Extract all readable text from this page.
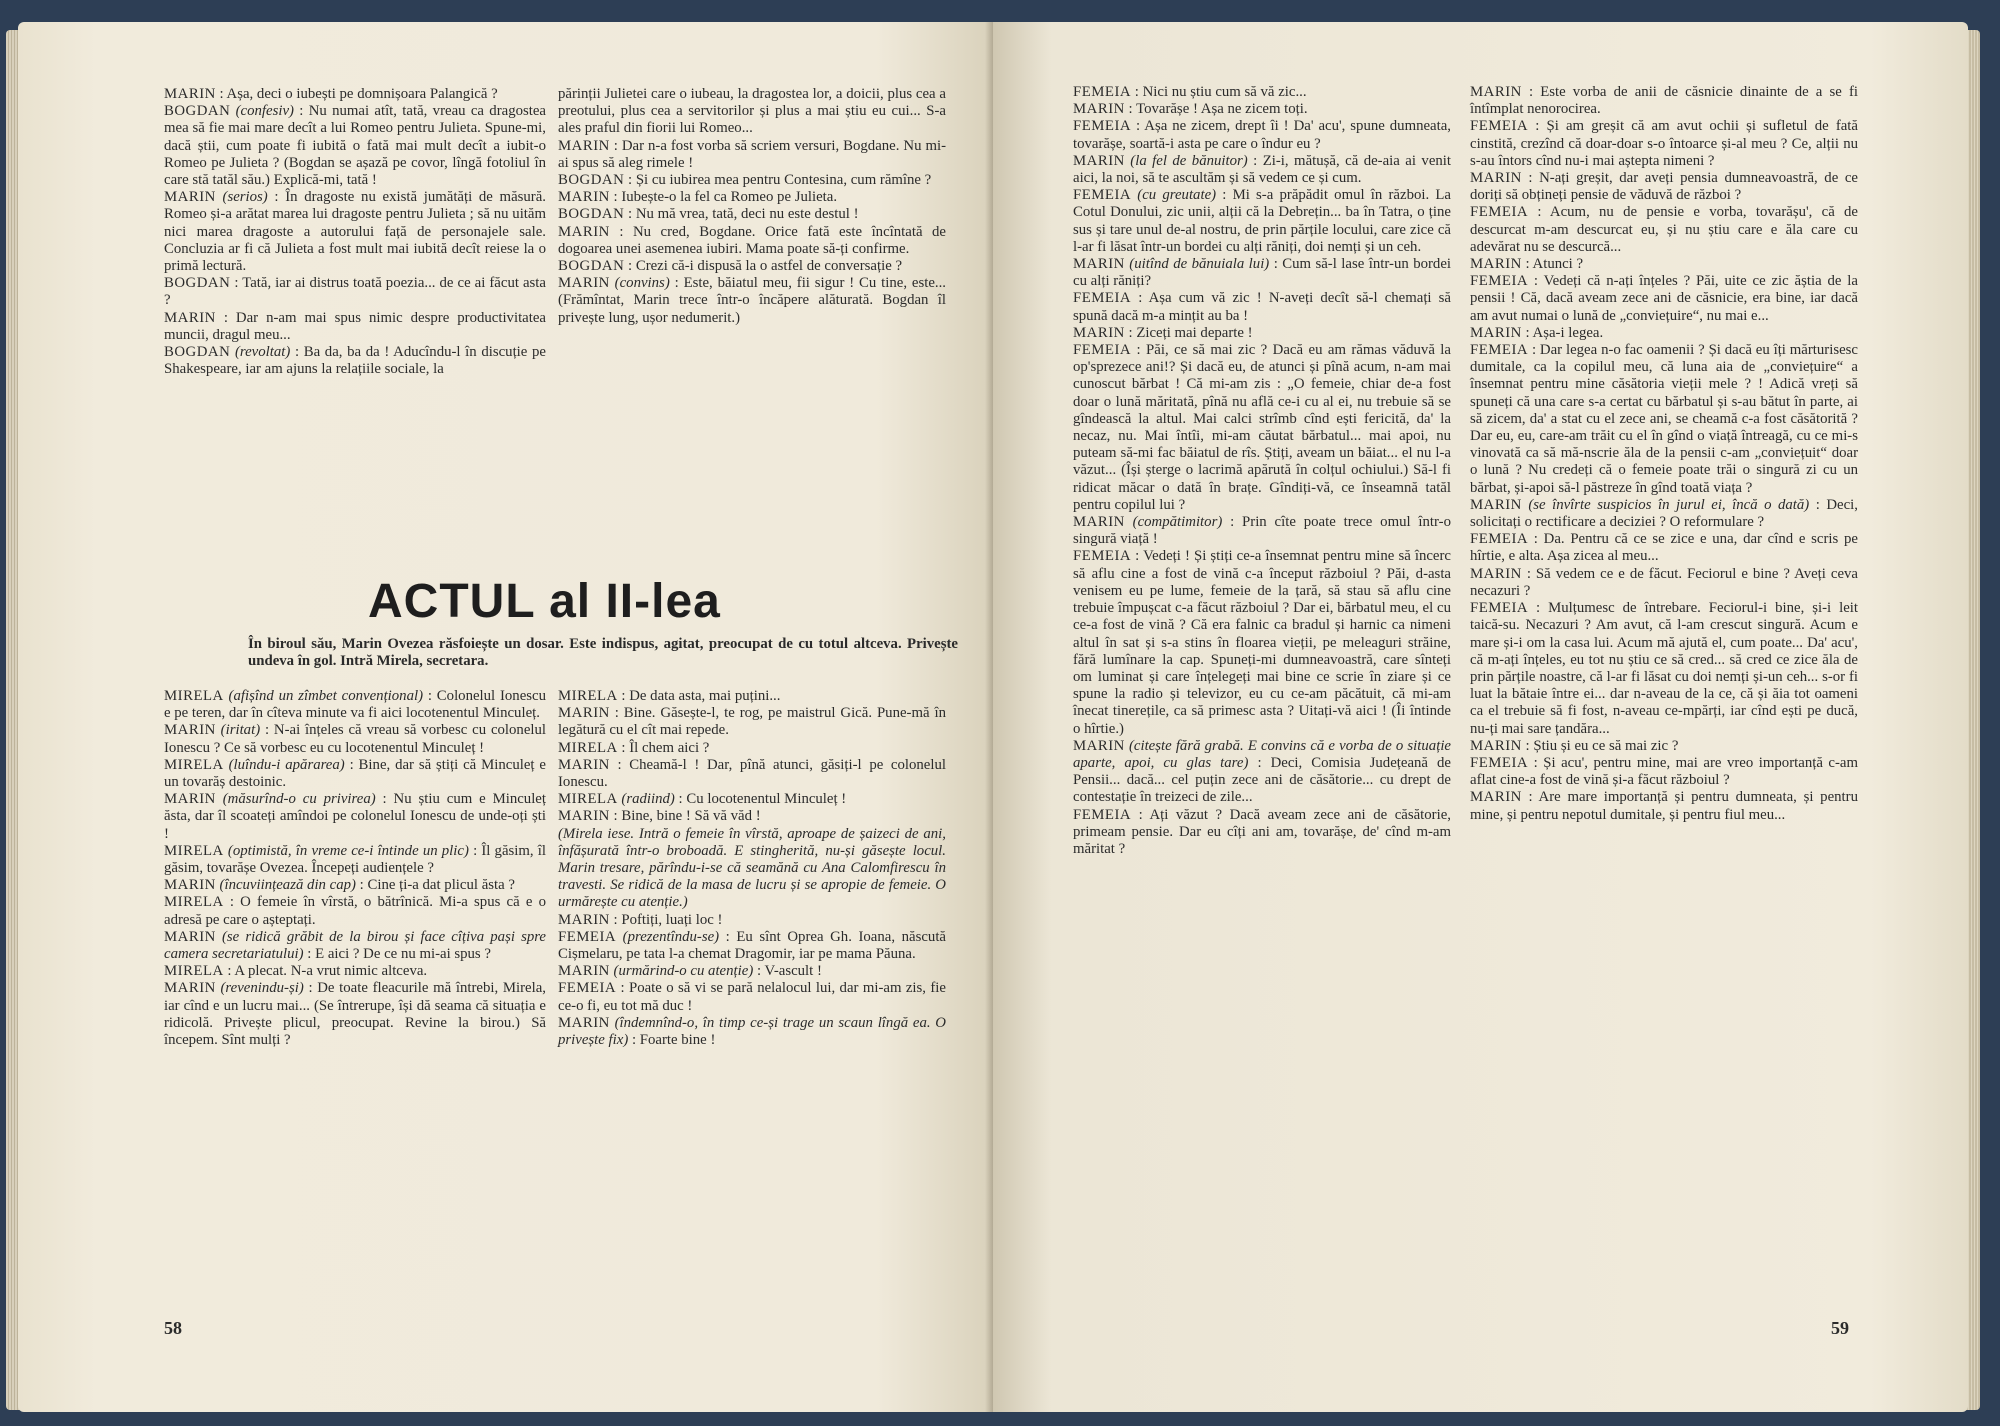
MARIN : Așa, deci o iubești pe domnișoara Palangică ?

BOGDAN (confesiv) : Nu numai atît, tată, vreau ca dragostea mea să fie mai mare decît a lui Romeo pentru Julieta. Spune-mi, dacă știi, cum poate fi iubită o fată mai mult decît a iubit-o Romeo pe Julieta ? (Bogdan se așază pe covor, lîngă fotoliul în care stă tatăl său.) Explică-mi, tată !

MARIN (serios) : În dragoste nu există jumătăți de măsură. Romeo și-a arătat marea lui dragoste pentru Julieta ; să nu uităm nici marea dragoste a autorului față de personajele sale. Concluzia ar fi că Julieta a fost mult mai iubită decît reiese la o primă lectură.

BOGDAN : Tată, iar ai distrus toată poezia... de ce ai făcut asta ?

MARIN : Dar n-am mai spus nimic despre productivitatea muncii, dragul meu...

BOGDAN (revoltat) : Ba da, ba da ! Aducîndu-l în discuție pe Shakespeare, iar am ajuns la relațiile sociale, la

părinții Julietei care o iubeau, la dragostea lor, a doicii, plus cea a preotului, plus cea a servitorilor și plus a mai știu eu cui... S-a ales praful din fiorii lui Romeo...

MARIN : Dar n-a fost vorba să scriem versuri, Bogdane. Nu mi-ai spus să aleg rimele !

BOGDAN : Și cu iubirea mea pentru Contesina, cum rămîne ?

MARIN : Iubește-o la fel ca Romeo pe Julieta.

BOGDAN : Nu mă vrea, tată, deci nu este destul !

MARIN : Nu cred, Bogdane. Orice fată este încîntată de dogoarea unei asemenea iubiri. Mama poate să-ți confirme.

BOGDAN : Crezi că-i dispusă la o astfel de conversație ?

MARIN (convins) : Este, băiatul meu, fii sigur ! Cu tine, este... (Frămîntat, Marin trece într-o încăpere alăturată. Bogdan îl privește lung, ușor nedumerit.)

ACTUL al II-lea
În biroul său, Marin Ovezea răsfoiește un dosar. Este indispus, agitat, preocupat de cu totul altceva. Privește undeva în gol. Intră Mirela, secretara.

MIRELA (afișînd un zîmbet convențional) : Colonelul Ionescu e pe teren, dar în cîteva minute va fi aici locotenentul Minculeț.

MARIN (iritat) : N-ai înțeles că vreau să vorbesc cu colonelul Ionescu ? Ce să vorbesc eu cu locotenentul Minculeț !

MIRELA (luîndu-i apărarea) : Bine, dar să știți că Minculeț e un tovarăș destoinic.

MARIN (măsurînd-o cu privirea) : Nu știu cum e Minculeț ăsta, dar îl scoateți amîndoi pe colonelul Ionescu de unde-oți ști !

MIRELA (optimistă, în vreme ce-i întinde un plic) : Îl găsim, îl găsim, tovarășe Ovezea. Începeți audiențele ?

MARIN (încuviințează din cap) : Cine ți-a dat plicul ăsta ?

MIRELA : O femeie în vîrstă, o bătrînică. Mi-a spus că e o adresă pe care o așteptați.

MARIN (se ridică grăbit de la birou și face cîțiva pași spre camera secretariatului) : E aici ? De ce nu mi-ai spus ?

MIRELA : A plecat. N-a vrut nimic altceva.

MARIN (revenindu-și) : De toate fleacurile mă întrebi, Mirela, iar cînd e un lucru mai... (Se întrerupe, își dă seama că situația e ridicolă. Privește plicul, preocupat. Revine la birou.) Să începem. Sînt mulți ?

MIRELA : De data asta, mai puțini...

MARIN : Bine. Găsește-l, te rog, pe maistrul Gică. Pune-mă în legătură cu el cît mai repede.

MIRELA : Îl chem aici ?

MARIN : Cheamă-l ! Dar, pînă atunci, găsiți-l pe colonelul Ionescu.

MIRELA (radiind) : Cu locotenentul Minculeț !

MARIN : Bine, bine ! Să vă văd !

(Mirela iese. Intră o femeie în vîrstă, aproape de șaizeci de ani, înfășurată într-o broboadă. E stingherită, nu-și găsește locul. Marin tresare, părîndu-i-se că seamănă cu Ana Calomfirescu în travesti. Se ridică de la masa de lucru și se apropie de femeie. O urmărește cu atenție.)

MARIN : Poftiți, luați loc !

FEMEIA (prezentîndu-se) : Eu sînt Oprea Gh. Ioana, născută Cișmelaru, pe tata l-a chemat Dragomir, iar pe mama Păuna.

MARIN (urmărind-o cu atenție) : V-ascult !

FEMEIA : Poate o să vi se pară nelalocul lui, dar mi-am zis, fie ce-o fi, eu tot mă duc !

MARIN (îndemnînd-o, în timp ce-și trage un scaun lîngă ea. O privește fix) : Foarte bine !

58

FEMEIA : Nici nu știu cum să vă zic...

MARIN : Tovarășe ! Așa ne zicem toți.

FEMEIA : Așa ne zicem, drept îi ! Da' acu', spune dumneata, tovarășe, soartă-i asta pe care o îndur eu ?

MARIN (la fel de bănuitor) : Zi-i, mătușă, că de-aia ai venit aici, la noi, să te ascultăm și să vedem ce și cum.

FEMEIA (cu greutate) : Mi s-a prăpădit omul în război. La Cotul Donului, zic unii, alții că la Debrețin... ba în Tatra, o ține sus și tare unul de-al nostru, de prin părțile locului, care zice că l-ar fi lăsat într-un bordei cu alți răniți, doi nemți și un ceh.

MARIN (uitînd de bănuiala lui) : Cum să-l lase într-un bordei cu alți răniți?

FEMEIA : Așa cum vă zic ! N-aveți decît să-l chemați să spună dacă m-a mințit au ba !

MARIN : Ziceți mai departe !

FEMEIA : Păi, ce să mai zic ? Dacă eu am rămas văduvă la op'sprezece ani!? Și dacă eu, de atunci și pînă acum, n-am mai cunoscut bărbat ! Că mi-am zis : „O femeie, chiar de-a fost doar o lună măritată, pînă nu află ce-i cu al ei, nu trebuie să se gîndească la altul. Mai calci strîmb cînd ești fericită, da' la necaz, nu. Mai întîi, mi-am căutat bărbatul... mai apoi, nu puteam să-mi fac băiatul de rîs. Știți, aveam un băiat... el nu l-a văzut... (Își șterge o lacrimă apărută în colțul ochiului.) Să-l fi ridicat măcar o dată în brațe. Gîndiți-vă, ce înseamnă tatăl pentru copilul lui ?

MARIN (compătimitor) : Prin cîte poate trece omul într-o singură viață !

FEMEIA : Vedeți ! Și știți ce-a însemnat pentru mine să încerc să aflu cine a fost de vină c-a început războiul ? Păi, d-asta venisem eu pe lume, femeie de la țară, să stau să aflu cine trebuie împușcat c-a făcut războiul ? Dar ei, bărbatul meu, el cu ce-a fost de vină ? Că era falnic ca bradul și harnic ca nimeni altul în sat și s-a stins în floarea vieții, pe meleaguri străine, fără lumînare la cap. Spuneți-mi dumneavoastră, care sînteți om luminat și care înțelegeți mai bine ce scrie în ziare și ce spune la radio și televizor, eu cu ce-am păcătuit, că mi-am înecat tinerețile, ca să primesc asta ? Uitați-vă aici ! (Îi întinde o hîrtie.)

MARIN (citește fără grabă. E convins că e vorba de o situație aparte, apoi, cu glas tare) : Deci, Comisia Județeană de Pensii... dacă... cel puțin zece ani de căsătorie... cu drept de contestație în treizeci de zile...

FEMEIA : Ați văzut ? Dacă aveam zece ani de căsătorie, primeam pensie. Dar eu cîți ani am, tovarășe, de' cînd m-am măritat ?

MARIN : Este vorba de anii de căsnicie dinainte de a se fi întîmplat nenorocirea.

FEMEIA : Și am greșit că am avut ochii și sufletul de fată cinstită, crezînd că doar-doar s-o întoarce și-al meu ? Ce, alții nu s-au întors cînd nu-i mai aștepta nimeni ?

MARIN : N-ați greșit, dar aveți pensia dumneavoastră, de ce doriți să obțineți pensie de văduvă de război ?

FEMEIA : Acum, nu de pensie e vorba, tovarășu', că de descurcat m-am descurcat eu, și nu știu care e ăla care cu adevărat nu se descurcă...

MARIN : Atunci ?

FEMEIA : Vedeți că n-ați înțeles ? Păi, uite ce zic ăștia de la pensii ! Că, dacă aveam zece ani de căsnicie, era bine, iar dacă am avut numai o lună de „conviețuire“, nu mai e...

MARIN : Așa-i legea.

FEMEIA : Dar legea n-o fac oamenii ? Și dacă eu îți mărturisesc dumitale, ca la copilul meu, că luna aia de „conviețuire“ a însemnat pentru mine căsătoria vieții mele ? ! Adică vreți să spuneți că una care s-a certat cu bărbatul și s-au bătut în parte, ai să zicem, da' a stat cu el zece ani, se cheamă c-a fost căsătorită ? Dar eu, eu, care-am trăit cu el în gînd o viață întreagă, cu ce mi-s vinovată ca să mă-nscrie ăla de la pensii c-am „conviețuit“ doar o lună ? Nu credeți că o femeie poate trăi o singură zi cu un bărbat, și-apoi să-l păstreze în gînd toată viața ?

MARIN (se învîrte suspicios în jurul ei, încă o dată) : Deci, solicitați o rectificare a deciziei ? O reformulare ?

FEMEIA : Da. Pentru că ce se zice e una, dar cînd e scris pe hîrtie, e alta. Așa zicea al meu...

MARIN : Să vedem ce e de făcut. Feciorul e bine ? Aveți ceva necazuri ?

FEMEIA : Mulțumesc de întrebare. Feciorul-i bine, și-i leit taică-su. Necazuri ? Am avut, că l-am crescut singură. Acum e mare și-i om la casa lui. Acum mă ajută el, cum poate... Da' acu', că m-ați înțeles, eu tot nu știu ce să cred... să cred ce zice ăla de prin părțile noastre, că l-ar fi lăsat cu doi nemți și-un ceh... s-or fi luat la bătaie între ei... dar n-aveau de la ce, că și ăia tot oameni ca el trebuie să fi fost, n-aveau ce-mpărți, iar cînd ești pe ducă, nu-ți mai sare țandăra...

MARIN : Știu și eu ce să mai zic ?

FEMEIA : Și acu', pentru mine, mai are vreo importanță c-am aflat cine-a fost de vină și-a făcut războiul ?

MARIN : Are mare importanță și pentru dumneata, și pentru mine, și pentru nepotul dumitale, și pentru fiul meu...

59
